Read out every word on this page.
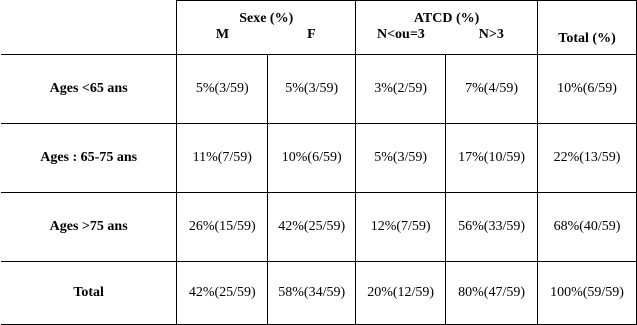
	Sexe (%)		ATCD (%)		Total (%)
	M	F	N<ou=3	N>3	
Ages <65 ans	5%(3/59)	5%(3/59)	3%(2/59)	7%(4/59)	10%(6/59)
Ages : 65-75 ans	11%(7/59)	10%(6/59)	5%(3/59)	17%(10/59)	22%(13/59)
Ages >75 ans	26%(15/59)	42%(25/59)	12%(7/59)	56%(33/59)	68%(40/59)
Total	42%(25/59)	58%(34/59)	20%(12/59)	80%(47/59)	100%(59/59)
